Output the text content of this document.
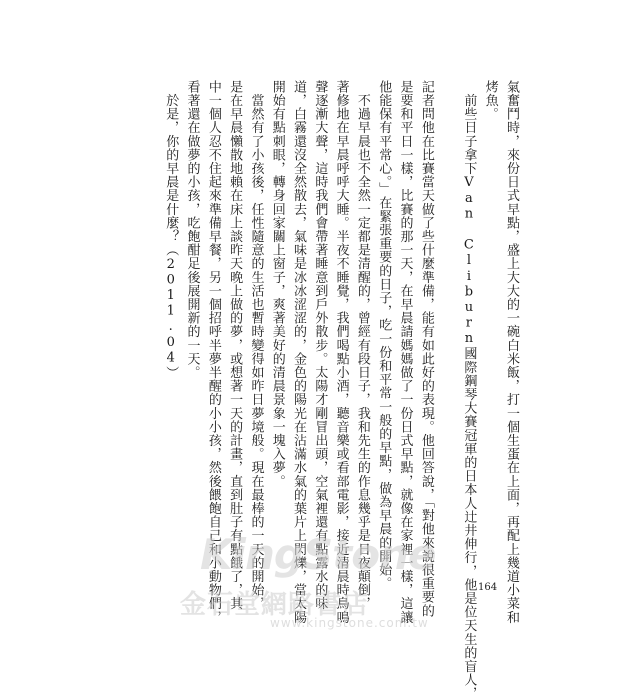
氣奮鬥時，來份日式早點，盛上大大的一碗白米飯，打一個生蛋在上面，再配上幾道小菜和

烤魚。

　前些日子拿下Van Cliburn國際鋼琴大賽冠軍的日本人辻井伸行，他是位天生的盲人，

記者問他在比賽當天做了些什麼準備，能有如此好的表現。他回答說，「對他來說很重要的

是要和平日一樣，比賽的那一天，在早晨請媽媽做了一份日式早點，就像在家裡一樣，這讓

他能保有平常心。」在緊張重要的日子，吃一份和平常一般的早點，做為早晨的開始。

　不過早晨也不全然一定都是清醒的，曾經有段日子，我和先生的作息幾乎是日夜顛倒，

著修地在早晨呼呼大睡。半夜不睡覺，我們喝點小酒，聽音樂或看部電影，接近清晨時鳥鳴

聲逐漸大聲，這時我們會帶著睡意到戶外散步。太陽才剛冒出頭，空氣裡還有點露水的味

道，白霧還沒全然散去，氣味是冰冰涩涩的，金色的陽光在沾滿水氣的葉片上閃爍，當太陽

開始有點刺眼，轉身回家關上窗子，爽著美好的清晨景象一塊入夢。

　當然有了小孩後，任性隨意的生活也暫時變得如昨日夢境般。現在最棒的一天的開始，

是在早晨懶散地賴在床上談昨天晚上做的夢，或想著一天的計畫，直到肚子有點餓了，其

中一個人忍不住起來準備早餐，另一個招呼半夢半醒的小小孩，然後餵飽自己和小動物們，

看著還在做夢的小孩，吃飽酣足後展開新的一天。

　於是，你的早晨是什麼？（2011.04）

164
KingStone
金石堂網路書店
www.kingstone.com.tw
